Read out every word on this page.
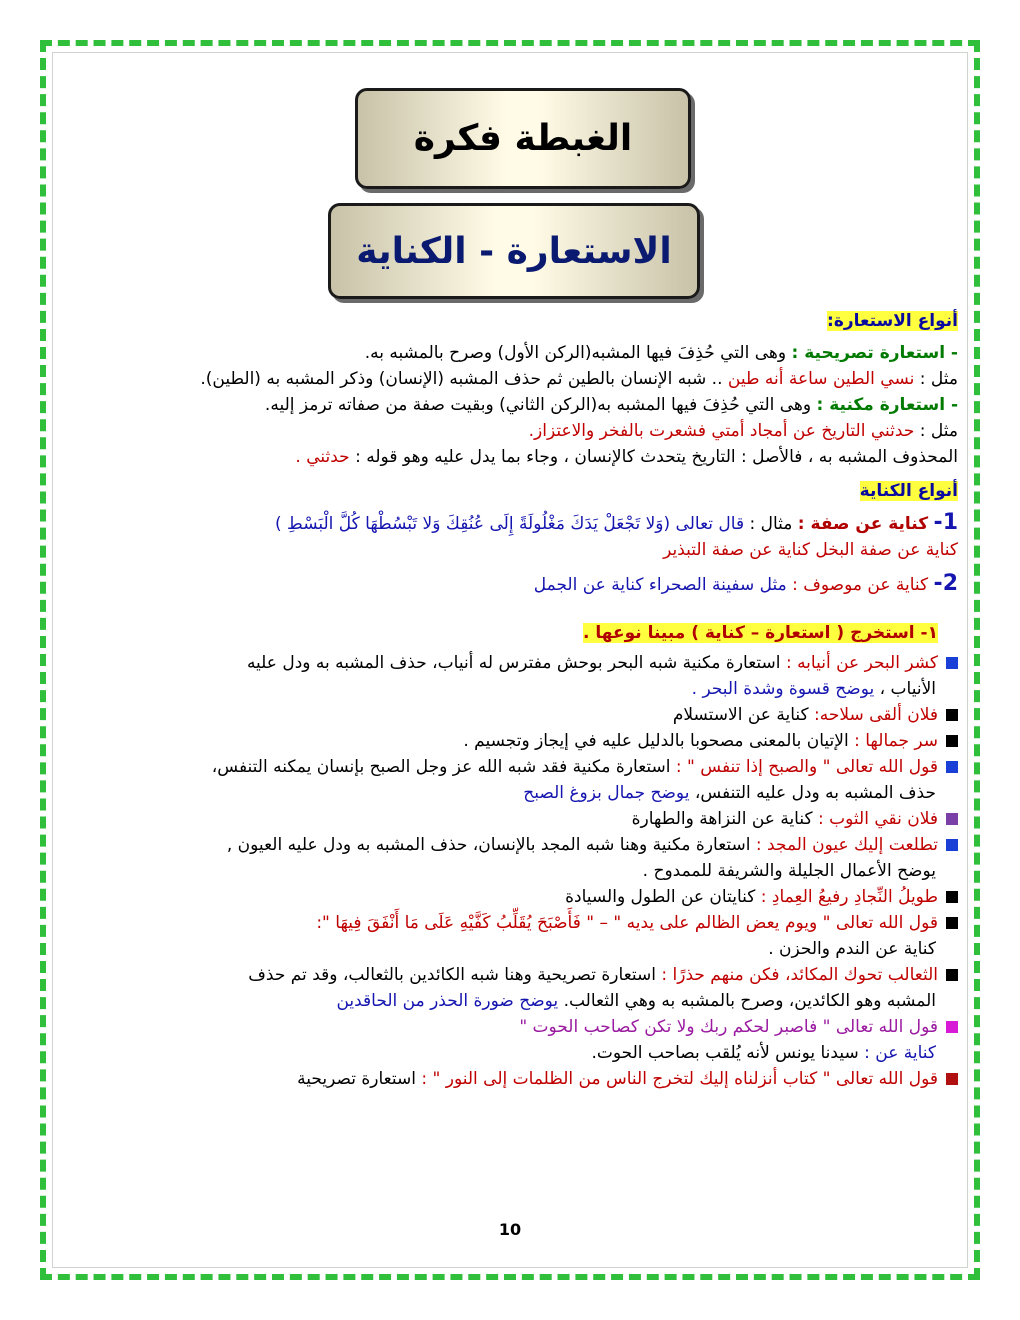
الغبطة فكرة
الاستعارة - الكناية
أنواع الاستعارة:
- استعارة تصريحية : وهى التي حُذِفَ فيها المشبه(الركن الأول) وصرح بالمشبه به.
مثل : نسي الطين ساعة أنه طين .. شبه الإنسان بالطين ثم حذف المشبه (الإنسان) وذكر المشبه به (الطين).
- استعارة مكنية : وهى التي حُذِفَ فيها المشبه به(الركن الثاني) وبقيت صفة من صفاته ترمز إليه.
مثل : حدثني التاريخ عن أمجاد أمتي فشعرت بالفخر والاعتزاز.
المحذوف المشبه به ، فالأصل : التاريخ يتحدث كالإنسان ، وجاء بما يدل عليه وهو قوله : حدثني .
أنواع الكناية
1- كناية عن صفة : مثال : قال تعالى (وَلا تَجْعَلْ يَدَكَ مَغْلُولَةً إِلَى عُنُقِكَ وَلا تَبْسُطْهَا كُلَّ الْبَسْطِ )
كناية عن صفة البخل كناية عن صفة التبذير
2- كناية عن موصوف : مثل سفينة الصحراء كناية عن الجمل
١- استخرج ( استعارة – كناية ) مبينا نوعها .
كشر البحر عن أنيابه : استعارة مكنية شبه البحر بوحش مفترس له أنياب، حذف المشبه به ودل عليه
الأنياب ، يوضح قسوة وشدة البحر .
فلان ألقى سلاحه: كناية عن الاستسلام
سر جمالها : الإتيان بالمعنى مصحوبا بالدليل عليه في إيجاز وتجسيم .
قول الله تعالى " والصبح إذا تنفس " : استعارة مكنية فقد شبه الله عز وجل الصبح بإنسان يمكنه التنفس،
حذف المشبه به ودل عليه التنفس، يوضح جمال بزوغ الصبح
فلان نقي الثوب : كناية عن النزاهة والطهارة
تطلعت إليك عيون المجد : استعارة مكنية وهنا شبه المجد بالإنسان، حذف المشبه به ودل عليه العيون ,
يوضح الأعمال الجليلة والشريفة للممدوح .
طويلُ النِّجادِ رفيعُ العِمادِ : كنايتان عن الطول والسيادة
قول الله تعالى " ويوم يعض الظالم على يديه " – " فَأَصْبَحَ يُقَلِّبُ كَفَّيْهِ عَلَى مَا أَنْفَقَ فِيهَا ":
كناية عن الندم والحزن .
الثعالب تحوك المكائد، فكن منهم حذرًا : استعارة تصريحية وهنا شبه الكائدين بالثعالب، وقد تم حذف
المشبه وهو الكائدين، وصرح بالمشبه به وهي الثعالب. يوضح ضورة الحذر من الحاقدين
قول الله تعالى " فاصبر لحكم ربك ولا تكن كصاحب الحوت "
كناية عن : سيدنا يونس لأنه يُلقب بصاحب الحوت.
قول الله تعالى " كتاب أنزلناه إليك لتخرج الناس من الظلمات إلى النور " : استعارة تصريحية
10
